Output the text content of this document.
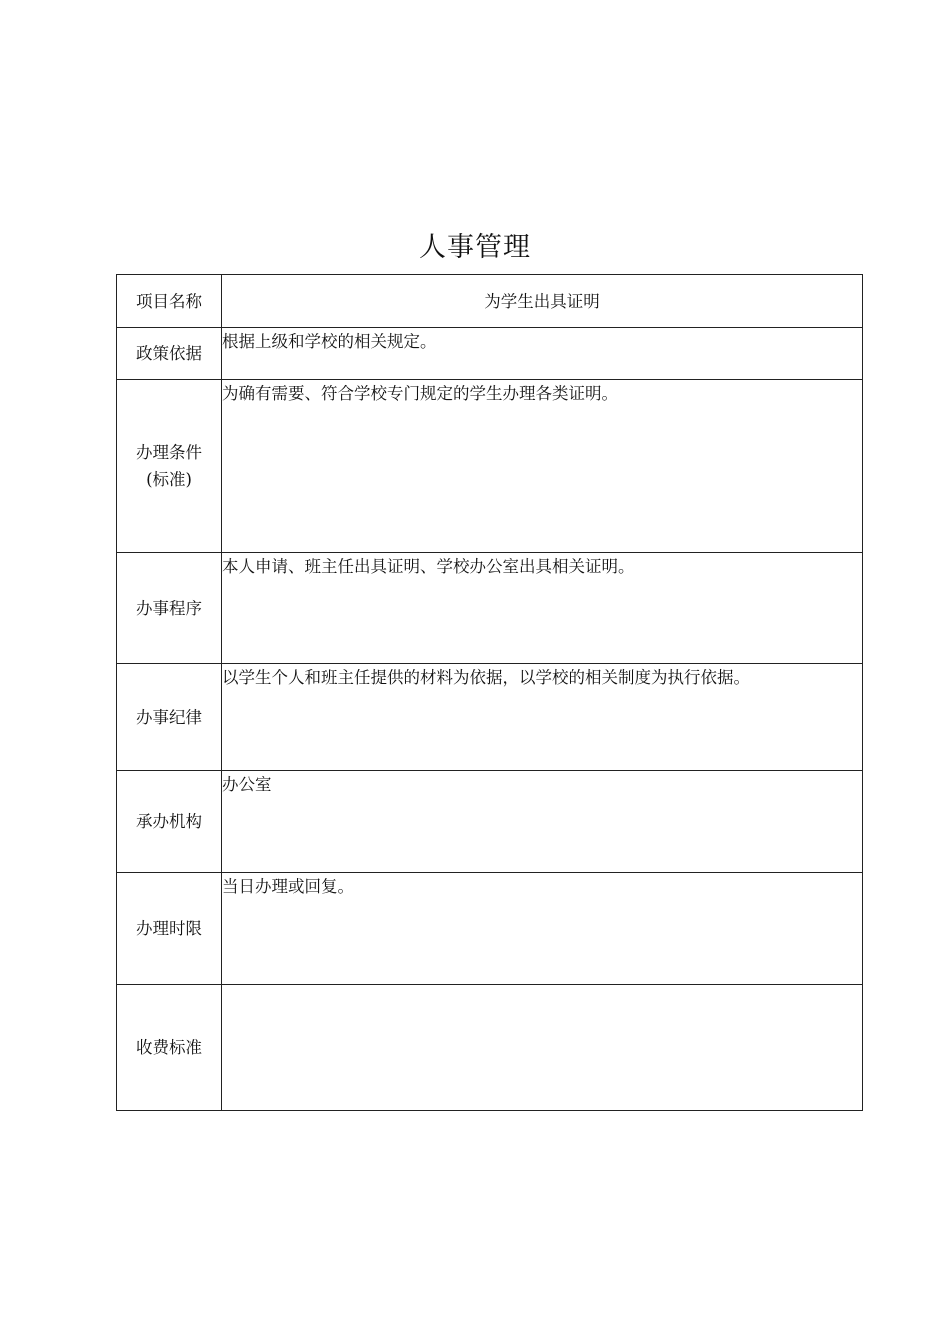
人事管理
项目名称	为学生出具证明
政策依据	根据上级和学校的相关规定。

办理条件
(标准)	为确有需要、符合学校专门规定的学生办理各类证明。
办事程序	本人申请、班主任出具证明、学校办公室出具相关证明。
办事纪律	以学生个人和班主任提供的材料为依据，以学校的相关制度为执行依据。
承办机构	办公室
办理时限	当日办理或回复。
收费标准	
